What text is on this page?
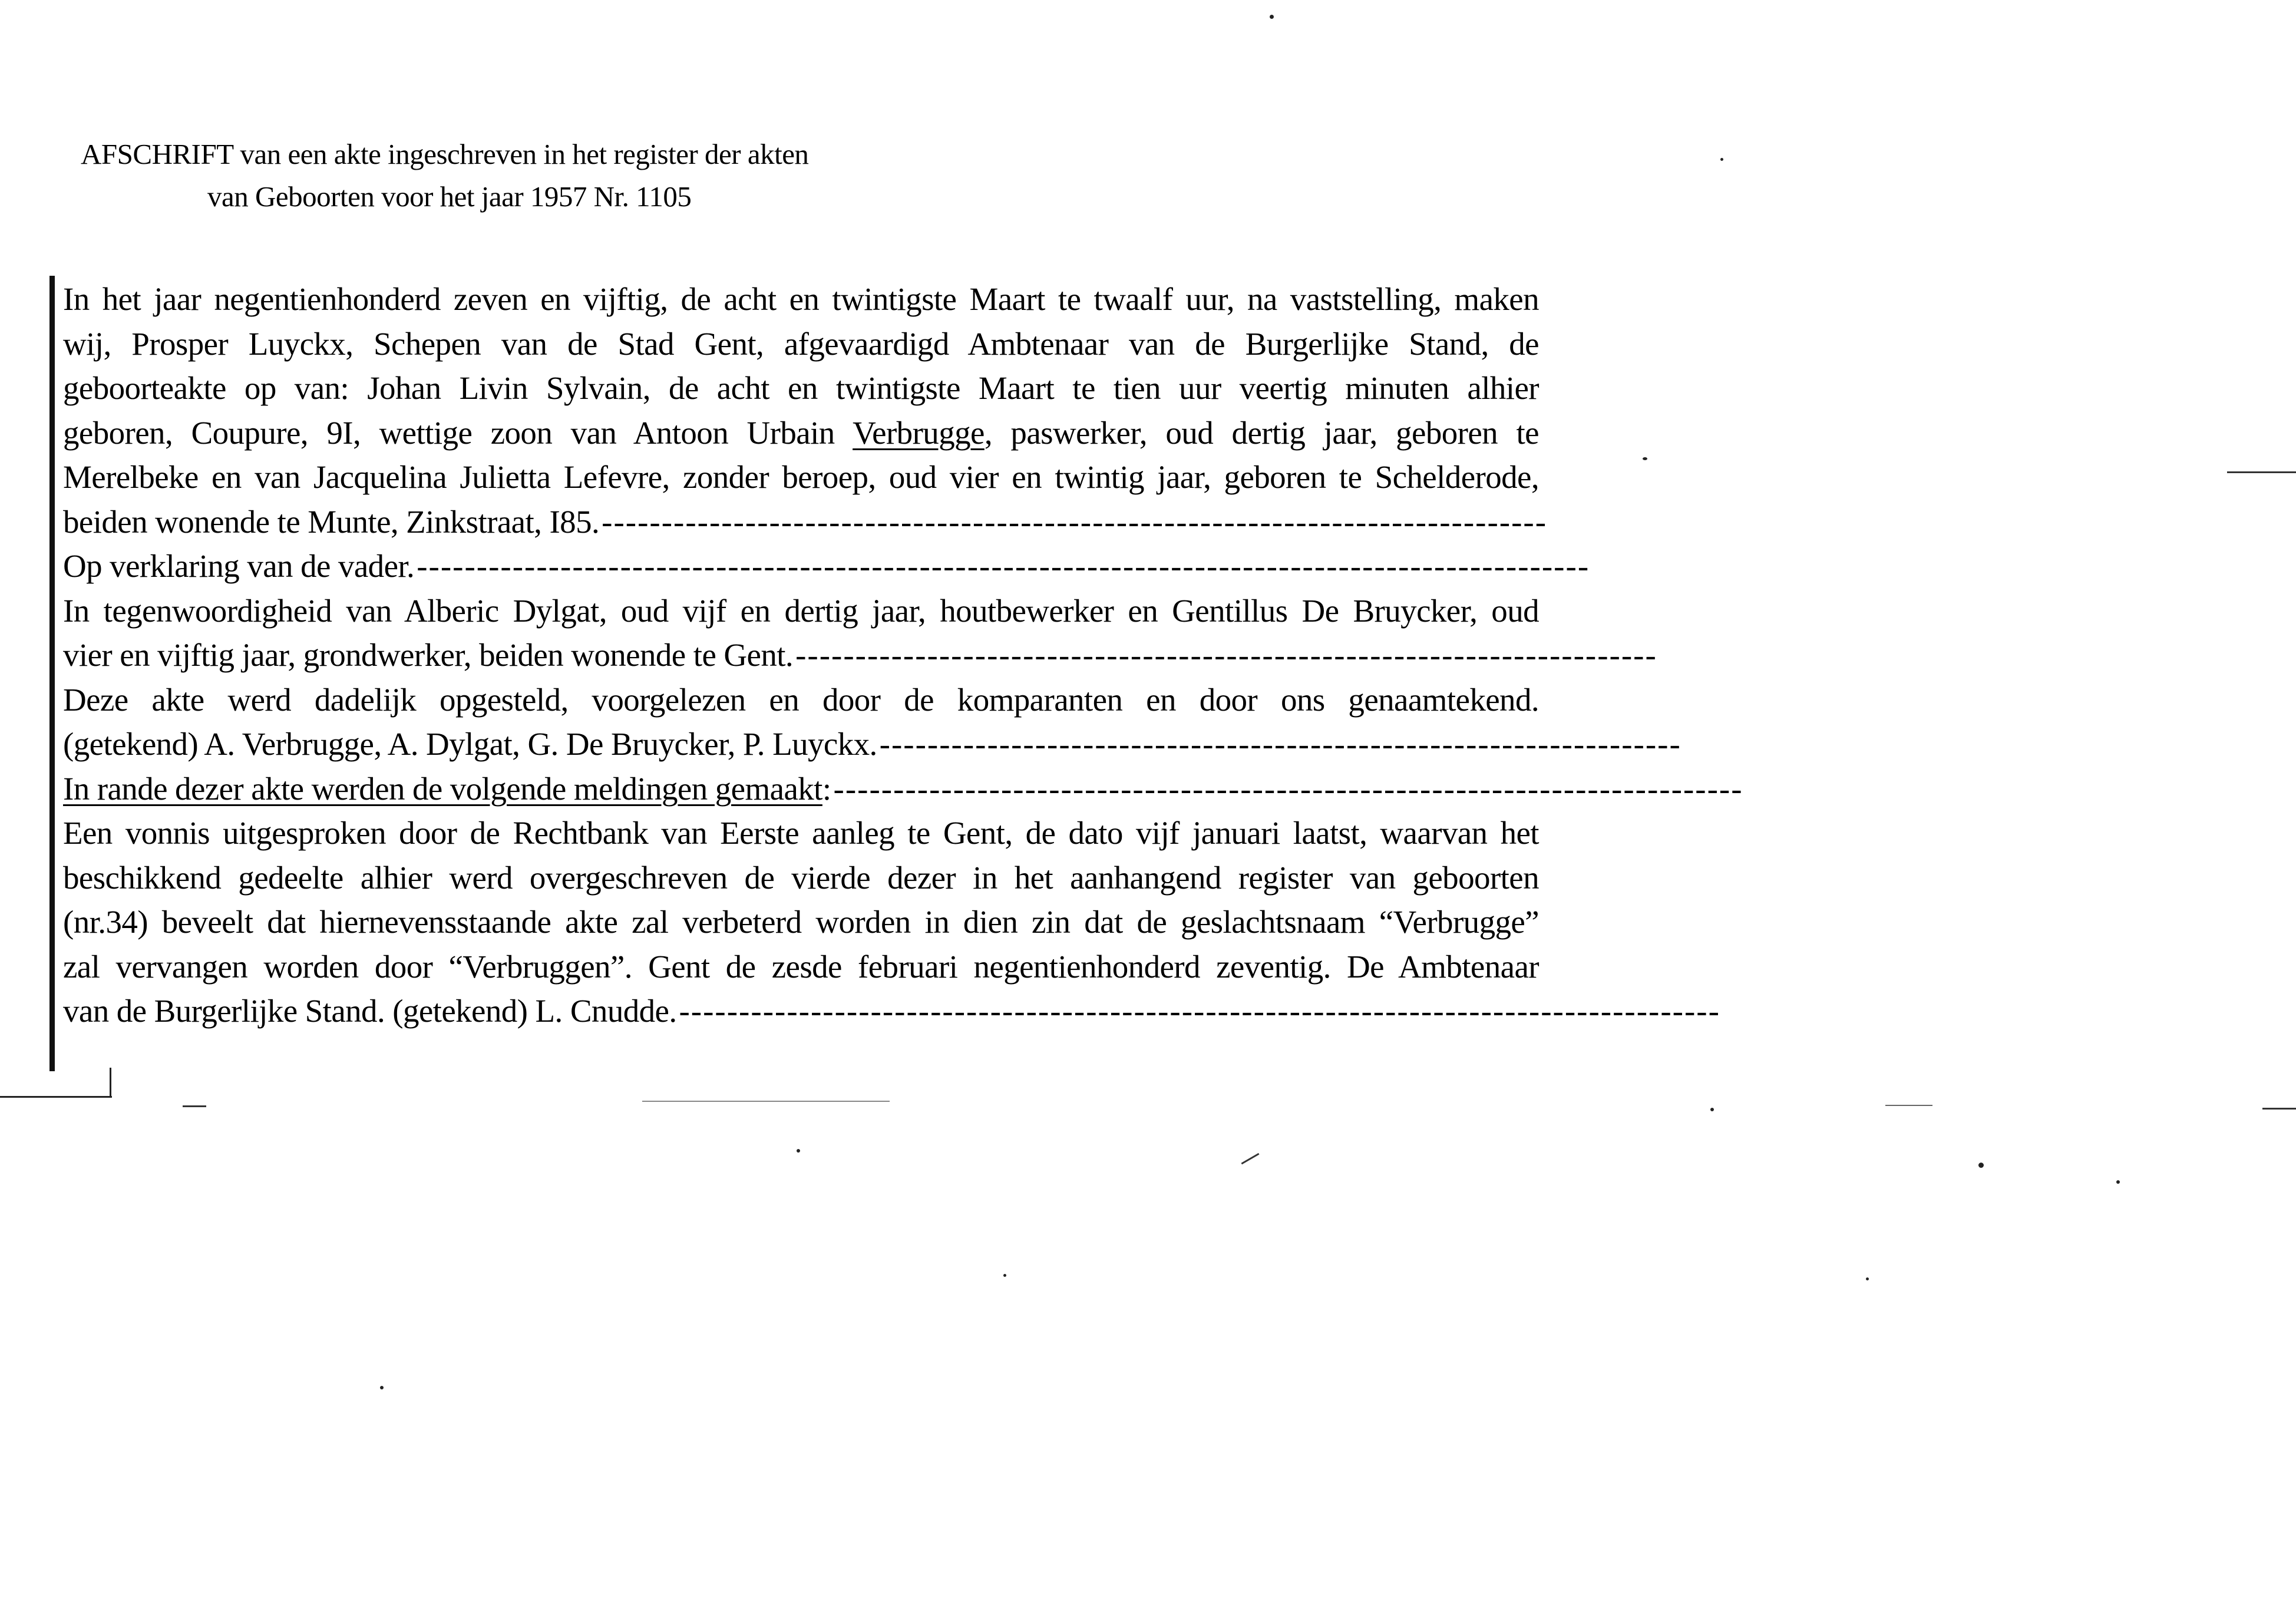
AFSCHRIFT van een akte ingeschreven in het register der akten
van Geboorten voor het jaar 1957 Nr. 1105
In het jaar negentienhonderd zeven en vijftig, de acht en twintigste Maart te twaalf uur, na vaststelling, maken
wij, Prosper Luyckx, Schepen van de Stad Gent, afgevaardigd Ambtenaar van de Burgerlijke Stand, de
geboorteakte op van: Johan Livin Sylvain, de acht en twintigste Maart te tien uur veertig minuten alhier
geboren, Coupure, 9I, wettige zoon van Antoon Urbain Verbrugge, paswerker, oud dertig jaar, geboren te
Merelbeke en van Jacquelina Julietta Lefevre, zonder beroep, oud vier en twintig jaar, geboren te Schelderode,
beiden wonende te Munte, Zinkstraat, I85. -------------------------------------------------------------------------------
Op verklaring van de vader. --------------------------------------------------------------------------------------------------
In tegenwoordigheid van Alberic Dylgat, oud vijf en dertig jaar, houtbewerker en Gentillus De Bruycker, oud
vier en vijftig jaar, grondwerker, beiden wonende te Gent. ------------------------------------------------------------------------
Deze akte werd dadelijk opgesteld, voorgelezen en door de komparanten en door ons genaamtekend.
(getekend) A. Verbrugge, A. Dylgat, G. De Bruycker, P. Luyckx. -------------------------------------------------------------------
In rande dezer akte werden de volgende meldingen gemaakt : ----------------------------------------------------------------------------
Een vonnis uitgesproken door de Rechtbank van Eerste aanleg te Gent, de dato vijf januari laatst, waarvan het
beschikkend gedeelte alhier werd overgeschreven de vierde dezer in het aanhangend register van geboorten
(nr.34) beveelt dat hiernevensstaande akte zal verbeterd worden in dien zin dat de geslachtsnaam “Verbrugge”
zal vervangen worden door “Verbruggen”. Gent de zesde februari negentienhonderd zeventig. De Ambtenaar
van de Burgerlijke Stand. (getekend) L. Cnudde. ---------------------------------------------------------------------------------------
